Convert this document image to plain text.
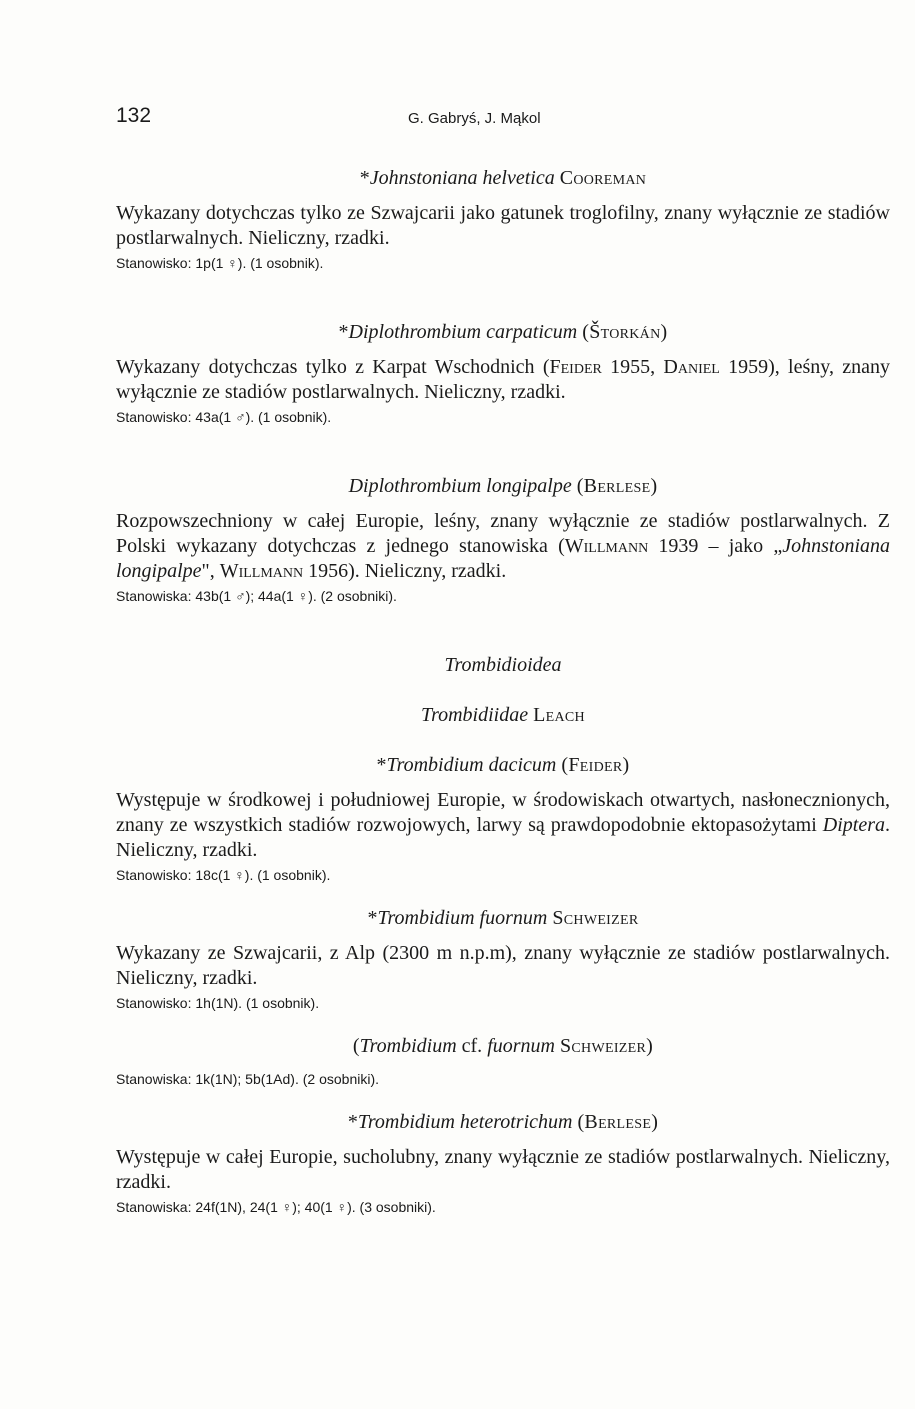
132	G. Gabryś, J. Mąkol

*Johnstoniana helvetica Cooreman

Wykazany dotychczas tylko ze Szwajcarii jako gatunek troglofilny, znany wyłącznie ze stadiów postlarwalnych. Nieliczny, rzadki.

Stanowisko: 1p(1 ♀). (1 osobnik).

*Diplothrombium carpaticum (Štorkán)

Wykazany dotychczas tylko z Karpat Wschodnich (Feider 1955, Daniel 1959), leśny, znany wyłącznie ze stadiów postlarwalnych. Nieliczny, rzadki.

Stanowisko: 43a(1 ♂). (1 osobnik).

Diplothrombium longipalpe (Berlese)

Rozpowszechniony w całej Europie, leśny, znany wyłącznie ze stadiów postlarwalnych. Z Polski wykazany dotychczas z jednego stanowiska (Willmann 1939 – jako „Johnstoniana longipalpe", Willmann 1956). Nieliczny, rzadki.

Stanowiska: 43b(1 ♂); 44a(1 ♀). (2 osobniki).

Trombidioidea

Trombidiidae Leach

*Trombidium dacicum (Feider)

Występuje w środkowej i południowej Europie, w środowiskach otwartych, nasłonecznionych, znany ze wszystkich stadiów rozwojowych, larwy są prawdopodobnie ektopasożytami Diptera. Nieliczny, rzadki.

Stanowisko: 18c(1 ♀). (1 osobnik).

*Trombidium fuornum Schweizer

Wykazany ze Szwajcarii, z Alp (2300 m n.p.m), znany wyłącznie ze stadiów postlarwalnych. Nieliczny, rzadki.

Stanowisko: 1h(1N). (1 osobnik).

(Trombidium cf. fuornum Schweizer)

Stanowiska: 1k(1N); 5b(1Ad). (2 osobniki).

*Trombidium heterotrichum (Berlese)

Występuje w całej Europie, sucholubny, znany wyłącznie ze stadiów postlarwalnych. Nieliczny, rzadki.

Stanowiska: 24f(1N), 24(1 ♀); 40(1 ♀). (3 osobniki).
